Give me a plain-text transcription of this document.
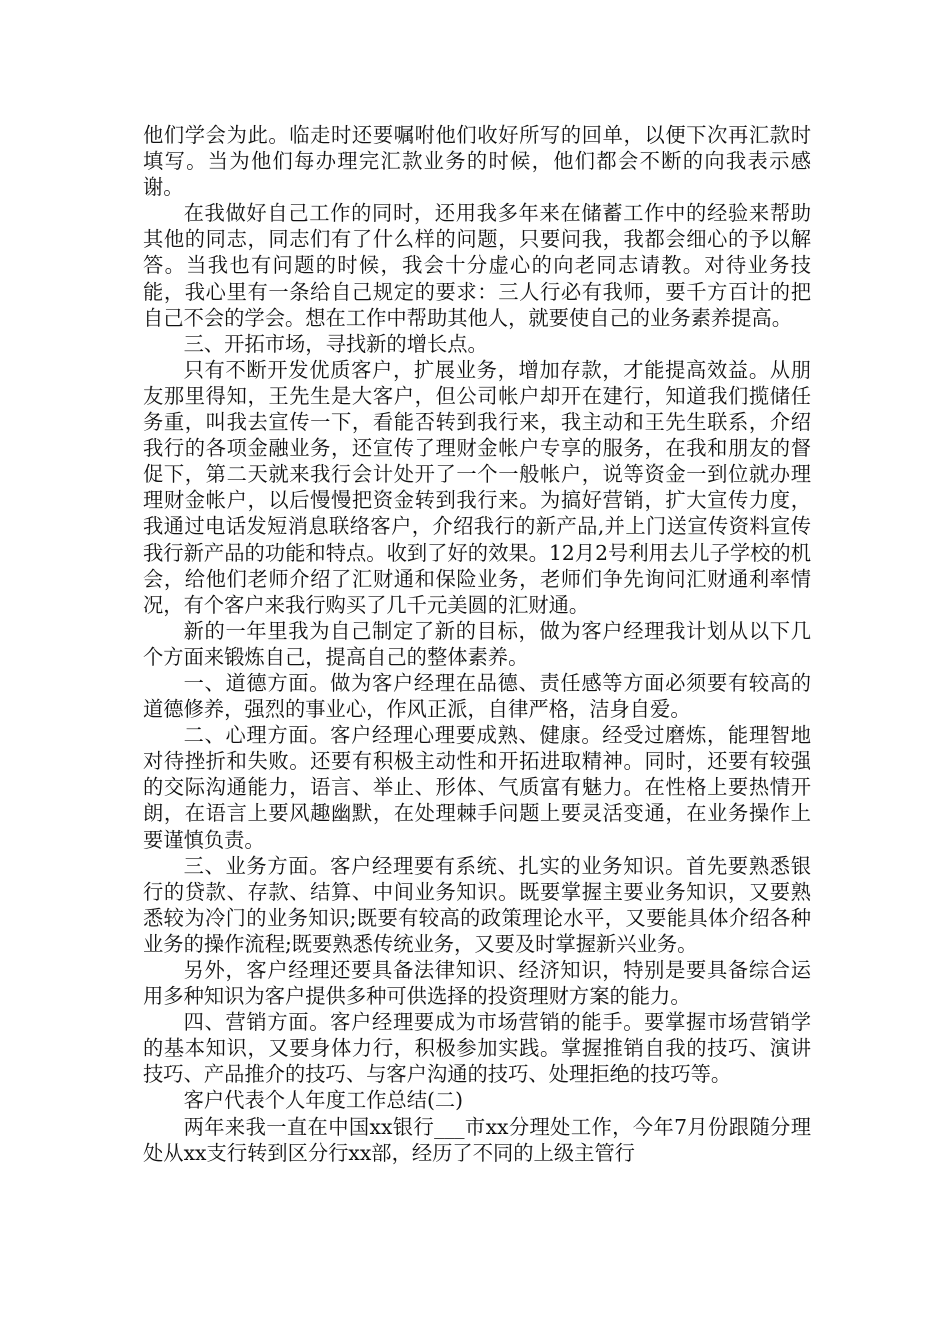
他们学会为此。临走时还要嘱咐他们收好所写的回单，以便下次再汇款时填写。当为他们每办理完汇款业务的时候，他们都会不断的向我表示感谢。

在我做好自己工作的同时，还用我多年来在储蓄工作中的经验来帮助其他的同志，同志们有了什么样的问题，只要问我，我都会细心的予以解答。当我也有问题的时候，我会十分虚心的向老同志请教。对待业务技能，我心里有一条给自己规定的要求：三人行必有我师，要千方百计的把自己不会的学会。想在工作中帮助其他人，就要使自己的业务素养提高。

三、开拓市场，寻找新的增长点。

只有不断开发优质客户，扩展业务，增加存款，才能提高效益。从朋友那里得知，王先生是大客户，但公司帐户却开在建行，知道我们揽储任务重，叫我去宣传一下，看能否转到我行来，我主动和王先生联系，介绍我行的各项金融业务，还宣传了理财金帐户专享的服务，在我和朋友的督促下，第二天就来我行会计处开了一个一般帐户，说等资金一到位就办理理财金帐户，以后慢慢把资金转到我行来。为搞好营销，扩大宣传力度，我通过电话发短消息联络客户，介绍我行的新产品,并上门送宣传资料宣传我行新产品的功能和特点。收到了好的效果。12月2号利用去儿子学校的机会，给他们老师介绍了汇财通和保险业务，老师们争先询问汇财通利率情况，有个客户来我行购买了几千元美圆的汇财通。

新的一年里我为自己制定了新的目标，做为客户经理我计划从以下几个方面来锻炼自己，提高自己的整体素养。

一、道德方面。做为客户经理在品德、责任感等方面必须要有较高的道德修养，强烈的事业心，作风正派，自律严格，洁身自爱。

二、心理方面。客户经理心理要成熟、健康。经受过磨炼，能理智地对待挫折和失败。还要有积极主动性和开拓进取精神。同时，还要有较强的交际沟通能力，语言、举止、形体、气质富有魅力。在性格上要热情开朗，在语言上要风趣幽默，在处理棘手问题上要灵活变通，在业务操作上要谨慎负责。

三、业务方面。客户经理要有系统、扎实的业务知识。首先要熟悉银行的贷款、存款、结算、中间业务知识。既要掌握主要业务知识，又要熟悉较为冷门的业务知识;既要有较高的政策理论水平，又要能具体介绍各种业务的操作流程;既要熟悉传统业务，又要及时掌握新兴业务。

另外，客户经理还要具备法律知识、经济知识，特别是要具备综合运用多种知识为客户提供多种可供选择的投资理财方案的能力。

四、营销方面。客户经理要成为市场营销的能手。要掌握市场营销学的基本知识，又要身体力行，积极参加实践。掌握推销自我的技巧、演讲技巧、产品推介的技巧、与客户沟通的技巧、处理拒绝的技巧等。

客户代表个人年度工作总结(二)

两年来我一直在中国xx银行___市xx分理处工作，今年7月份跟随分理处从xx支行转到区分行xx部，经历了不同的上级主管行
